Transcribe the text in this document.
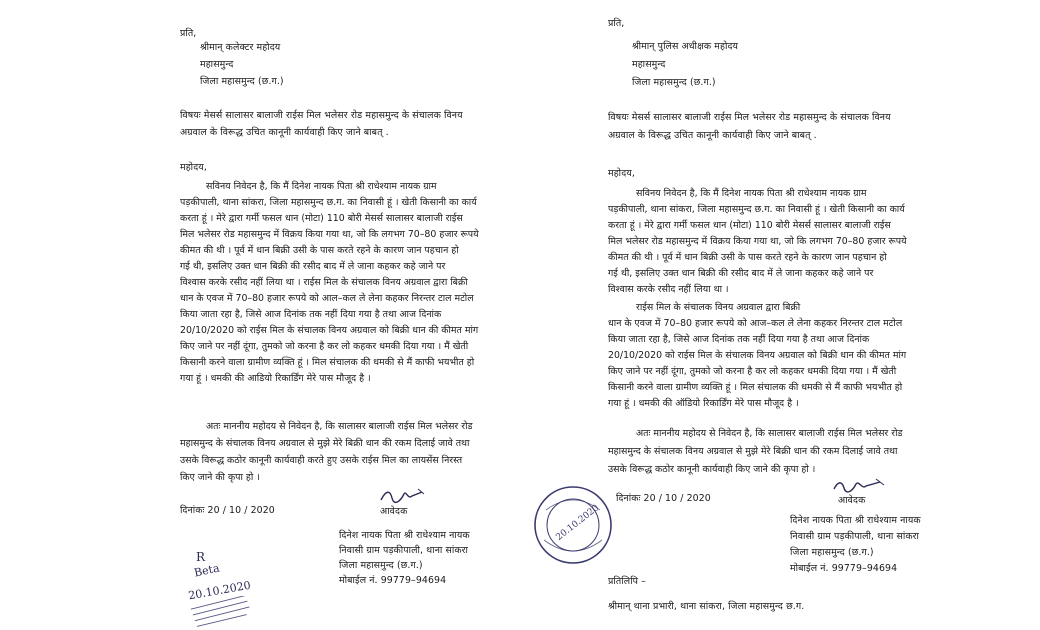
प्रति,
श्रीमान् कलेक्टर महोदय
महासमुन्द
जिला महासमुन्द (छ.ग.)
विषयः मेसर्स सालासर बालाजी राईस मिल भलेसर रोड महासमुन्द के संचालक विनय
अग्रवाल के विरूद्ध उचित कानूनी कार्यवाही किए जाने बाबत् .
महोदय,
सविनय निवेदन है, कि मैं दिनेश नायक पिता श्री राधेश्याम नायक ग्राम
पड़कीपाली, थाना सांकरा, जिला महासमुन्द छ.ग. का निवासी हूं । खेती किसानी का कार्य
करता हूं । मेरे द्वारा गर्मी फसल धान (मोटा) 110 बोरी मेसर्स सालासर बालाजी राईस
मिल भलेसर रोड महासमुन्द में विक्रय किया गया था, जो कि लगभग 70–80 हजार रूपये
कीमत की थी । पूर्व में धान बिक्री उसी के पास करते रहने के कारण जान पहचान हो
गई थी, इसलिए उक्त धान बिक्री की रसीद बाद में ले जाना कहकर कहे जाने पर
विश्वास करके रसीद नहीं लिया था । राईस मिल के संचालक विनय अग्रवाल द्वारा बिक्री
धान के एवज में 70–80 हजार रूपये को आल–कल ले लेना कहकर निरन्तर टाल मटोल
किया जाता रहा है, जिसे आज दिनांक तक नहीं दिया गया है तथा आज दिनांक
20/10/2020 को राईस मिल के संचालक विनय अग्रवाल को बिक्री धान की कीमत मांग
किए जाने पर नहीं दूंगा, तुमको जो करना है कर लो कहकर धमकी दिया गया । मैं खेती
किसानी करने वाला ग्रामीण व्यक्ति हूं । मिल संचालक की धमकी से मैं काफी भयभीत हो
गया हूं । धमकी की आडियो रिकार्डिंग मेरे पास मौजूद है ।
अतः माननीय महोदय से निवेदन है, कि सालासर बालाजी राईस मिल भलेसर रोड
महासमुन्द के संचालक विनय अग्रवाल से मुझे मेरे बिक्री धान की रकम दिलाई जावे तथा
उसके विरूद्ध कठोर कानूनी कार्यवाही करते हुए उसके राईस मिल का लायसेंस निरस्त
किए जाने की कृपा हो ।
दिनांकः 20 / 10 / 2020	आवेदक
दिनेश नायक पिता श्री राधेश्याम नायक
निवासी ग्राम पड़कीपाली, थाना सांकरा
जिला महासमुन्द (छ.ग.)
मोबाईल नं. 99779–94694
R
Beta
20.10.2020
प्रति,
श्रीमान् पुलिस अधीक्षक महोदय
महासमुन्द
जिला महासमुन्द (छ.ग.)
विषयः मेसर्स सालासर बालाजी राईस मिल भलेसर रोड महासमुन्द के संचालक विनय
अग्रवाल के विरूद्ध उचित कानूनी कार्यवाही किए जाने बाबत् .
महोदय,
सविनय निवेदन है, कि मैं दिनेश नायक पिता श्री राधेश्याम नायक ग्राम
पड़कीपाली, थाना सांकरा, जिला महासमुन्द छ.ग. का निवासी हूं । खेती किसानी का कार्य
करता हूं । मेरे द्वारा गर्मी फसल धान (मोटा) 110 बोरी मेसर्स सालासर बालाजी राईस
मिल भलेसर रोड महासमुन्द में विक्रय किया गया था, जो कि लगभग 70–80 हजार रूपये
कीमत की थी । पूर्व में धान बिक्री उसी के पास करते रहने के कारण जान पहचान हो
गई थी, इसलिए उक्त धान बिक्री की रसीद बाद में ले जाना कहकर कहे जाने पर
विश्वास करके रसीद नहीं लिया था ।
राईस मिल के संचालक विनय अग्रवाल द्वारा बिक्री
धान के एवज में 70–80 हजार रूपये को आज–कल ले लेना कहकर निरन्तर टाल मटोल
किया जाता रहा है, जिसे आज दिनांक तक नहीं दिया गया है तथा आज दिनांक
20/10/2020 को राईस मिल के संचालक विनय अग्रवाल को बिक्री धान की कीमत मांग
किए जाने पर नहीं दूंगा, तुमको जो करना है कर लो कहकर धमकी दिया गया । मैं खेती
किसानी करने वाला ग्रामीण व्यक्ति हूं । मिल संचालक की धमकी से मैं काफी भयभीत हो
गया हूं । धमकी की ऑडियो रिकार्डिंग मेरे पास मौजूद है ।
अतः माननीय महोदय से निवेदन है, कि सालासर बालाजी राईस मिल भलेसर रोड
महासमुन्द के संचालक विनय अग्रवाल से मुझे मेरे बिक्री धान की रकम दिलाई जावे तथा
उसके विरूद्ध कठोर कानूनी कार्यवाही किए जाने की कृपा हो ।
दिनांकः 20 / 10 / 2020	आवेदक
दिनेश नायक पिता श्री राधेश्याम नायक
निवासी ग्राम पड़कीपाली, थाना सांकरा
जिला महासमुन्द (छ.ग.)
मोबाईल नं. 99779–94694
प्रतिलिपि –
श्रीमान् थाना प्रभारी, थाना सांकरा, जिला महासमुन्द छ.ग.
20.10.2020
